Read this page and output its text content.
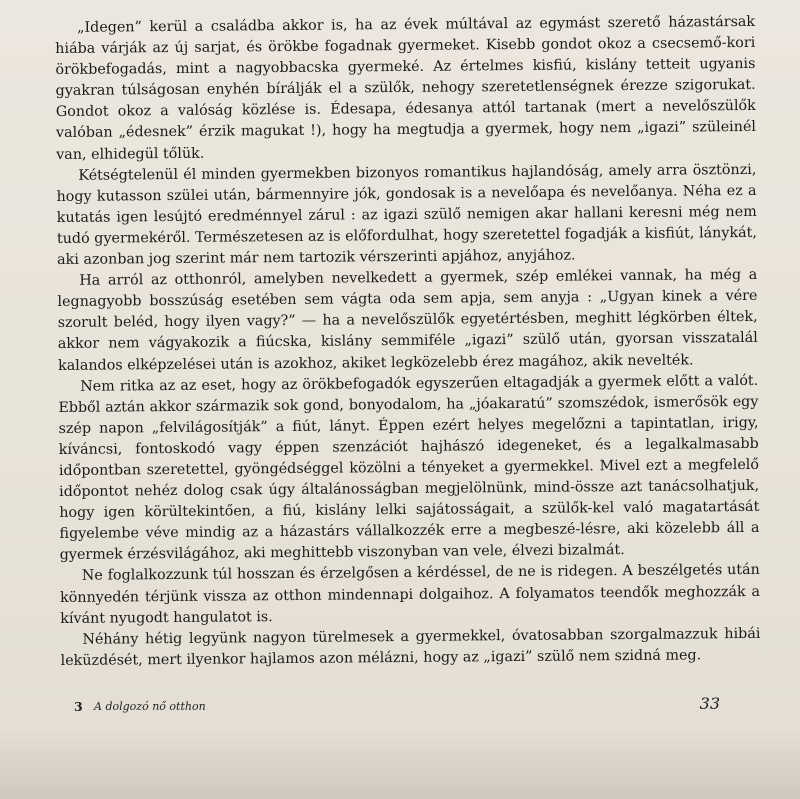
„Idegen” kerül a családba akkor is, ha az évek múltával az egymást szerető házastársak hiába várják az új sarjat, és örökbe fogadnak gyermeket. Kisebb gondot okoz a csecsemő-kori örökbefogadás, mint a nagyobbacska gyermeké. Az értelmes kisfiú, kislány tetteit ugyanis gyakran túlságosan enyhén bírálják el a szülők, nehogy szeretetlenségnek érezze szigorukat. Gondot okoz a valóság közlése is. Édesapa, édesanya attól tartanak (mert a nevelőszülők valóban „édesnek” érzik magukat !), hogy ha megtudja a gyermek, hogy nem „igazi” szüleinél van, elhidegül tőlük.

Kétségtelenül él minden gyermekben bizonyos romantikus hajlandóság, amely arra ösztönzi, hogy kutasson szülei után, bármennyire jók, gondosak is a nevelőapa és nevelőanya. Néha ez a kutatás igen lesújtó eredménnyel zárul : az igazi szülő nemigen akar hallani keresni még nem tudó gyermekéről. Természetesen az is előfordulhat, hogy szeretettel fogadják a kisfiút, lánykát, aki azonban jog szerint már nem tartozik vérszerinti apjához, anyjához.

Ha arról az otthonról, amelyben nevelkedett a gyermek, szép emlékei vannak, ha még a legnagyobb bosszúság esetében sem vágta oda sem apja, sem anyja : „Ugyan kinek a vére szorult beléd, hogy ilyen vagy?” — ha a nevelőszülők egyetértésben, meghitt légkörben éltek, akkor nem vágyakozik a fiúcska, kislány semmiféle „igazi” szülő után, gyorsan visszatalál kalandos elképzelései után is azokhoz, akiket legközelebb érez magához, akik nevelték.

Nem ritka az az eset, hogy az örökbefogadók egyszerűen eltagadják a gyermek előtt a valót. Ebből aztán akkor származik sok gond, bonyodalom, ha „jóakaratú” szomszédok, ismerősök egy szép napon „felvilágosítják” a fiút, lányt. Éppen ezért helyes megelőzni a tapintatlan, irigy, kíváncsi, fontoskodó vagy éppen szenzációt hajhászó idegeneket, és a legalkalmasabb időpontban szeretettel, gyöngédséggel közölni a tényeket a gyermekkel. Mivel ezt a megfelelő időpontot nehéz dolog csak úgy általánosságban megjelölnünk, mind-össze azt tanácsolhatjuk, hogy igen körültekintően, a fiú, kislány lelki sajátosságait, a szülők-kel való magatartását figyelembe véve mindig az a házastárs vállalkozzék erre a megbeszé-lésre, aki közelebb áll a gyermek érzésvilágához, aki meghittebb viszonyban van vele, élvezi bizalmát.

Ne foglalkozzunk túl hosszan és érzelgősen a kérdéssel, de ne is ridegen. A beszélgetés után könnyedén térjünk vissza az otthon mindennapi dolgaihoz. A folyamatos teendők meghozzák a kívánt nyugodt hangulatot is.

Néhány hétig legyünk nagyon türelmesek a gyermekkel, óvatosabban szorgalmazzuk hibái leküzdését, mert ilyenkor hajlamos azon mélázni, hogy az „igazi” szülő nem szidná meg.

3 A dolgozó nő otthon	33
